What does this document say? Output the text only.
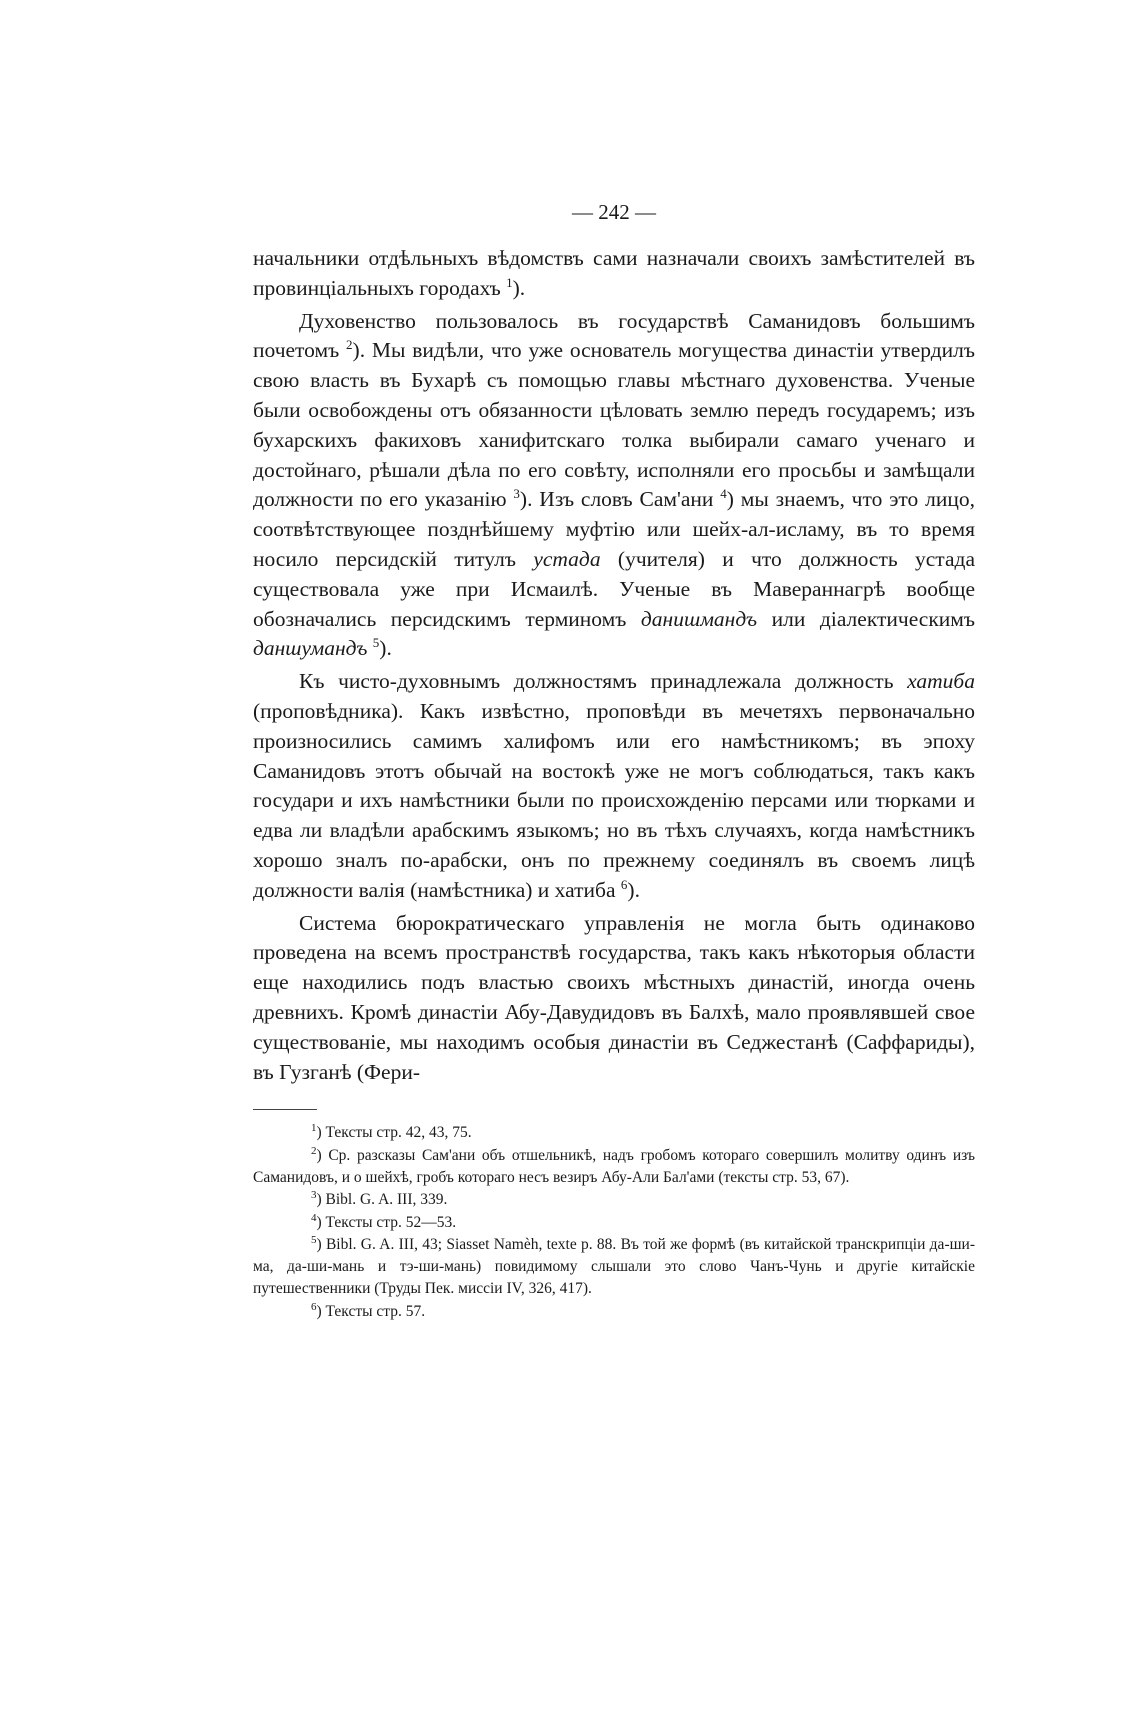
— 242 —

начальники отдѣльныхъ вѣдомствъ сами назначали своихъ замѣстителей въ провинціальныхъ городахъ $^1$).

Духовенство пользовалось въ государствѣ Саманидовъ большимъ почетомъ $^2$). Мы видѣли, что уже основатель могущества династіи утвердилъ свою власть въ Бухарѣ съ помощью главы мѣстнаго духовенства. Ученые были освобождены отъ обязанности цѣловать землю передъ государемъ; изъ бухарскихъ факиховъ ханифитскаго толка выбирали самаго ученаго и достойнаго, рѣшали дѣла по его совѣту, исполняли его просьбы и замѣщали должности по его указанію $^3$). Изъ словъ Сам'ани $^4$) мы знаемъ, что это лицо, соотвѣтствующее позднѣйшему муфтію или шейх-ал-исламу, въ то время носило персидскій титулъ устада (учителя) и что должность устада существовала уже при Исмаилѣ. Ученые въ Мавераннагрѣ вообще обозначались персидскимъ терминомъ данишмандъ или діалектическимъ даншумандъ $^5$).

Къ чисто-духовнымъ должностямъ принадлежала должность хатиба (проповѣдника). Какъ извѣстно, проповѣди въ мечетяхъ первоначально произносились самимъ халифомъ или его намѣстникомъ; въ эпоху Саманидовъ этотъ обычай на востокѣ уже не могъ соблюдаться, такъ какъ государи и ихъ намѣстники были по происхожденію персами или тюрками и едва ли владѣли арабскимъ языкомъ; но въ тѣхъ случаяхъ, когда намѣстникъ хорошо зналъ по-арабски, онъ по прежнему соединялъ въ своемъ лицѣ должности валія (намѣстника) и хатиба $^6$).

Система бюрократическаго управленія не могла быть одинаково проведена на всемъ пространствѣ государства, такъ какъ нѣкоторыя области еще находились подъ властью своихъ мѣстныхъ династій, иногда очень древнихъ. Кромѣ династіи Абу-Давудидовъ въ Балхѣ, мало проявлявшей свое существованіе, мы находимъ особыя династіи въ Седжестанѣ (Саффариды), въ Гузганѣ (Фери-

$^1$) Тексты стр. 42, 43, 75.

$^2$) Ср. разсказы Сам'ани объ отшельникѣ, надъ гробомъ котораго совершилъ молитву одинъ изъ Саманидовъ, и о шейхѣ, гробъ котораго несъ везиръ Абу-Али Бал'ами (тексты стр. 53, 67).

$^3$) Bibl. G. A. III, 339.

$^4$) Тексты стр. 52—53.

$^5$) Bibl. G. A. III, 43; Siasset Namèh, texte p. 88. Въ той же формѣ (въ китайской транскрипціи да-ши-ма, да-ши-мань и тэ-ши-мань) повидимому слышали это слово Чанъ-Чунь и другіе китайскіе путешественники (Труды Пек. миссіи IV, 326, 417).

$^6$) Тексты стр. 57.
